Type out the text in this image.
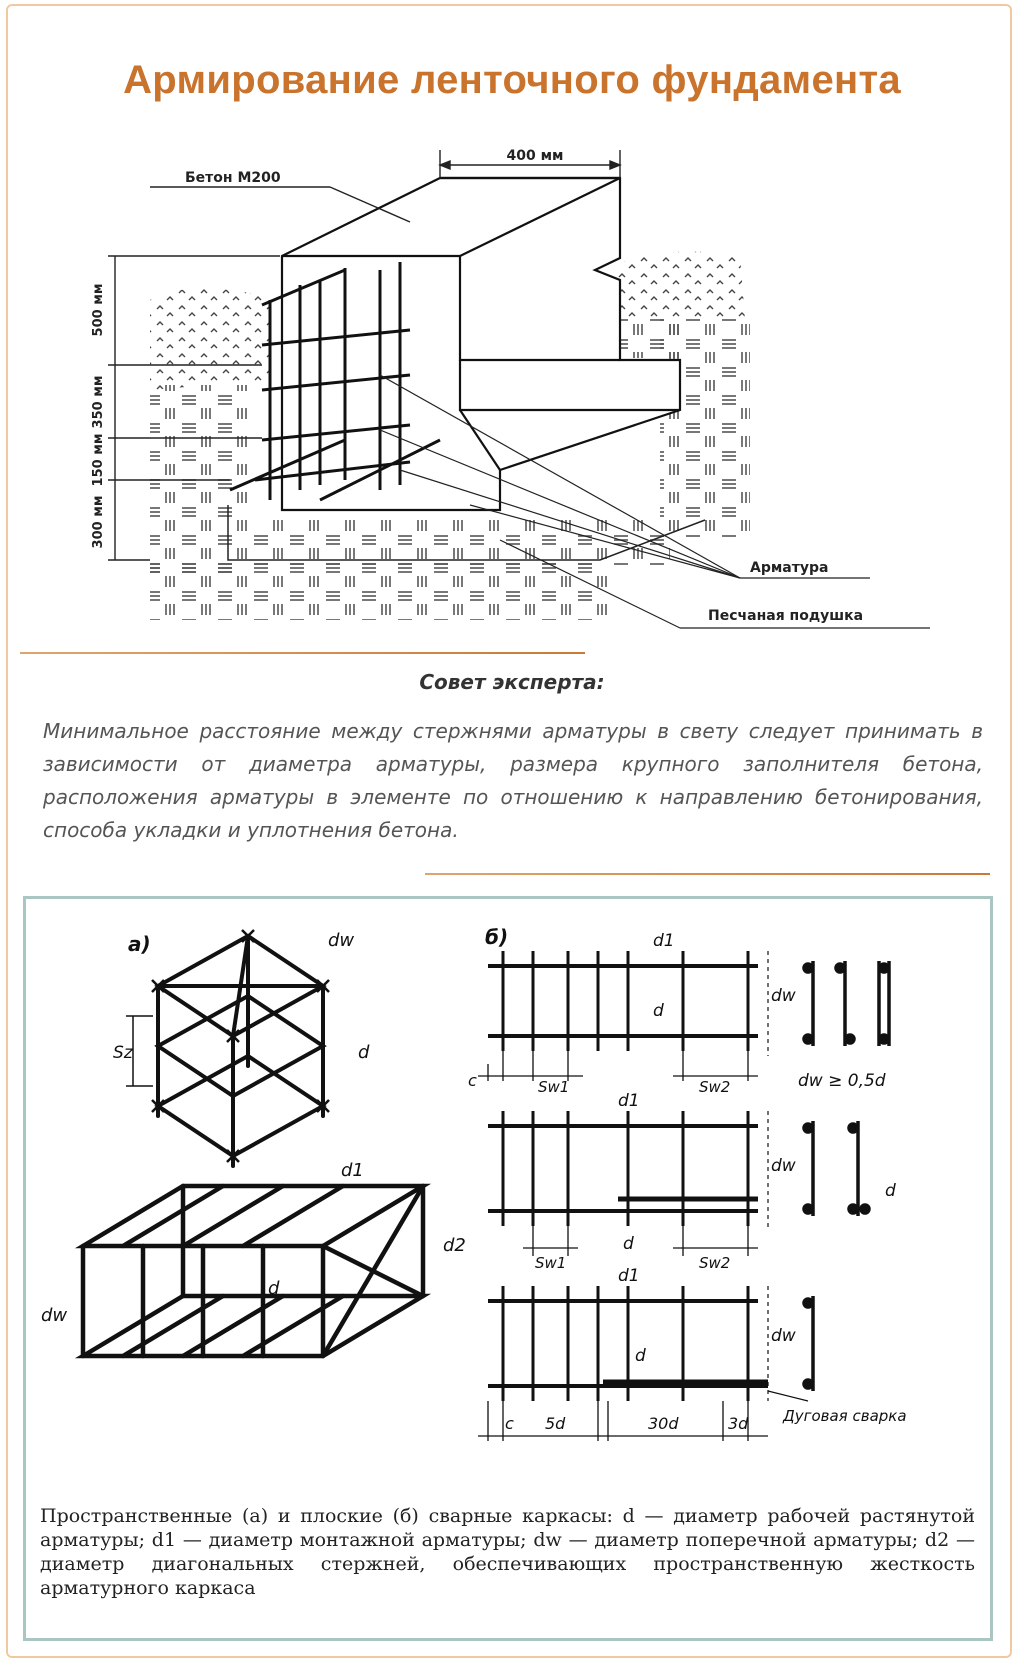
Армирование ленточного фундамента
500 мм
350 мм
150 мм
300 мм
400 мм
Бетон М200
Арматура
Песчаная подушка
Совет эксперта:
Минимальное расстояние между стержнями арматуры в свету следует принимать в зависимости от диаметра арматуры, размера крупного заполнителя бетона, расположения арматуры в элементе по отношению к направлению бетонирования, способа укладки и уплотнения бетона.
а)
Sz
dw
d
d1
d2
d
dw
б)	d1
d
dw
c	Sw1	Sw2	dw ≥ 0,5d
d1
dw
d
Sw1	Sw2
d
d1
dw
d
c 5d	30d	3d Дуговая сварка
Пространственные (а) и плоские (б) сварные каркасы: d — диаметр рабочей растянутой арматуры; d1 — диаметр монтажной арматуры; dw — диаметр поперечной арматуры; d2 — диаметр диагональных стержней, обеспечивающих пространственную жесткость арматурного каркаса
